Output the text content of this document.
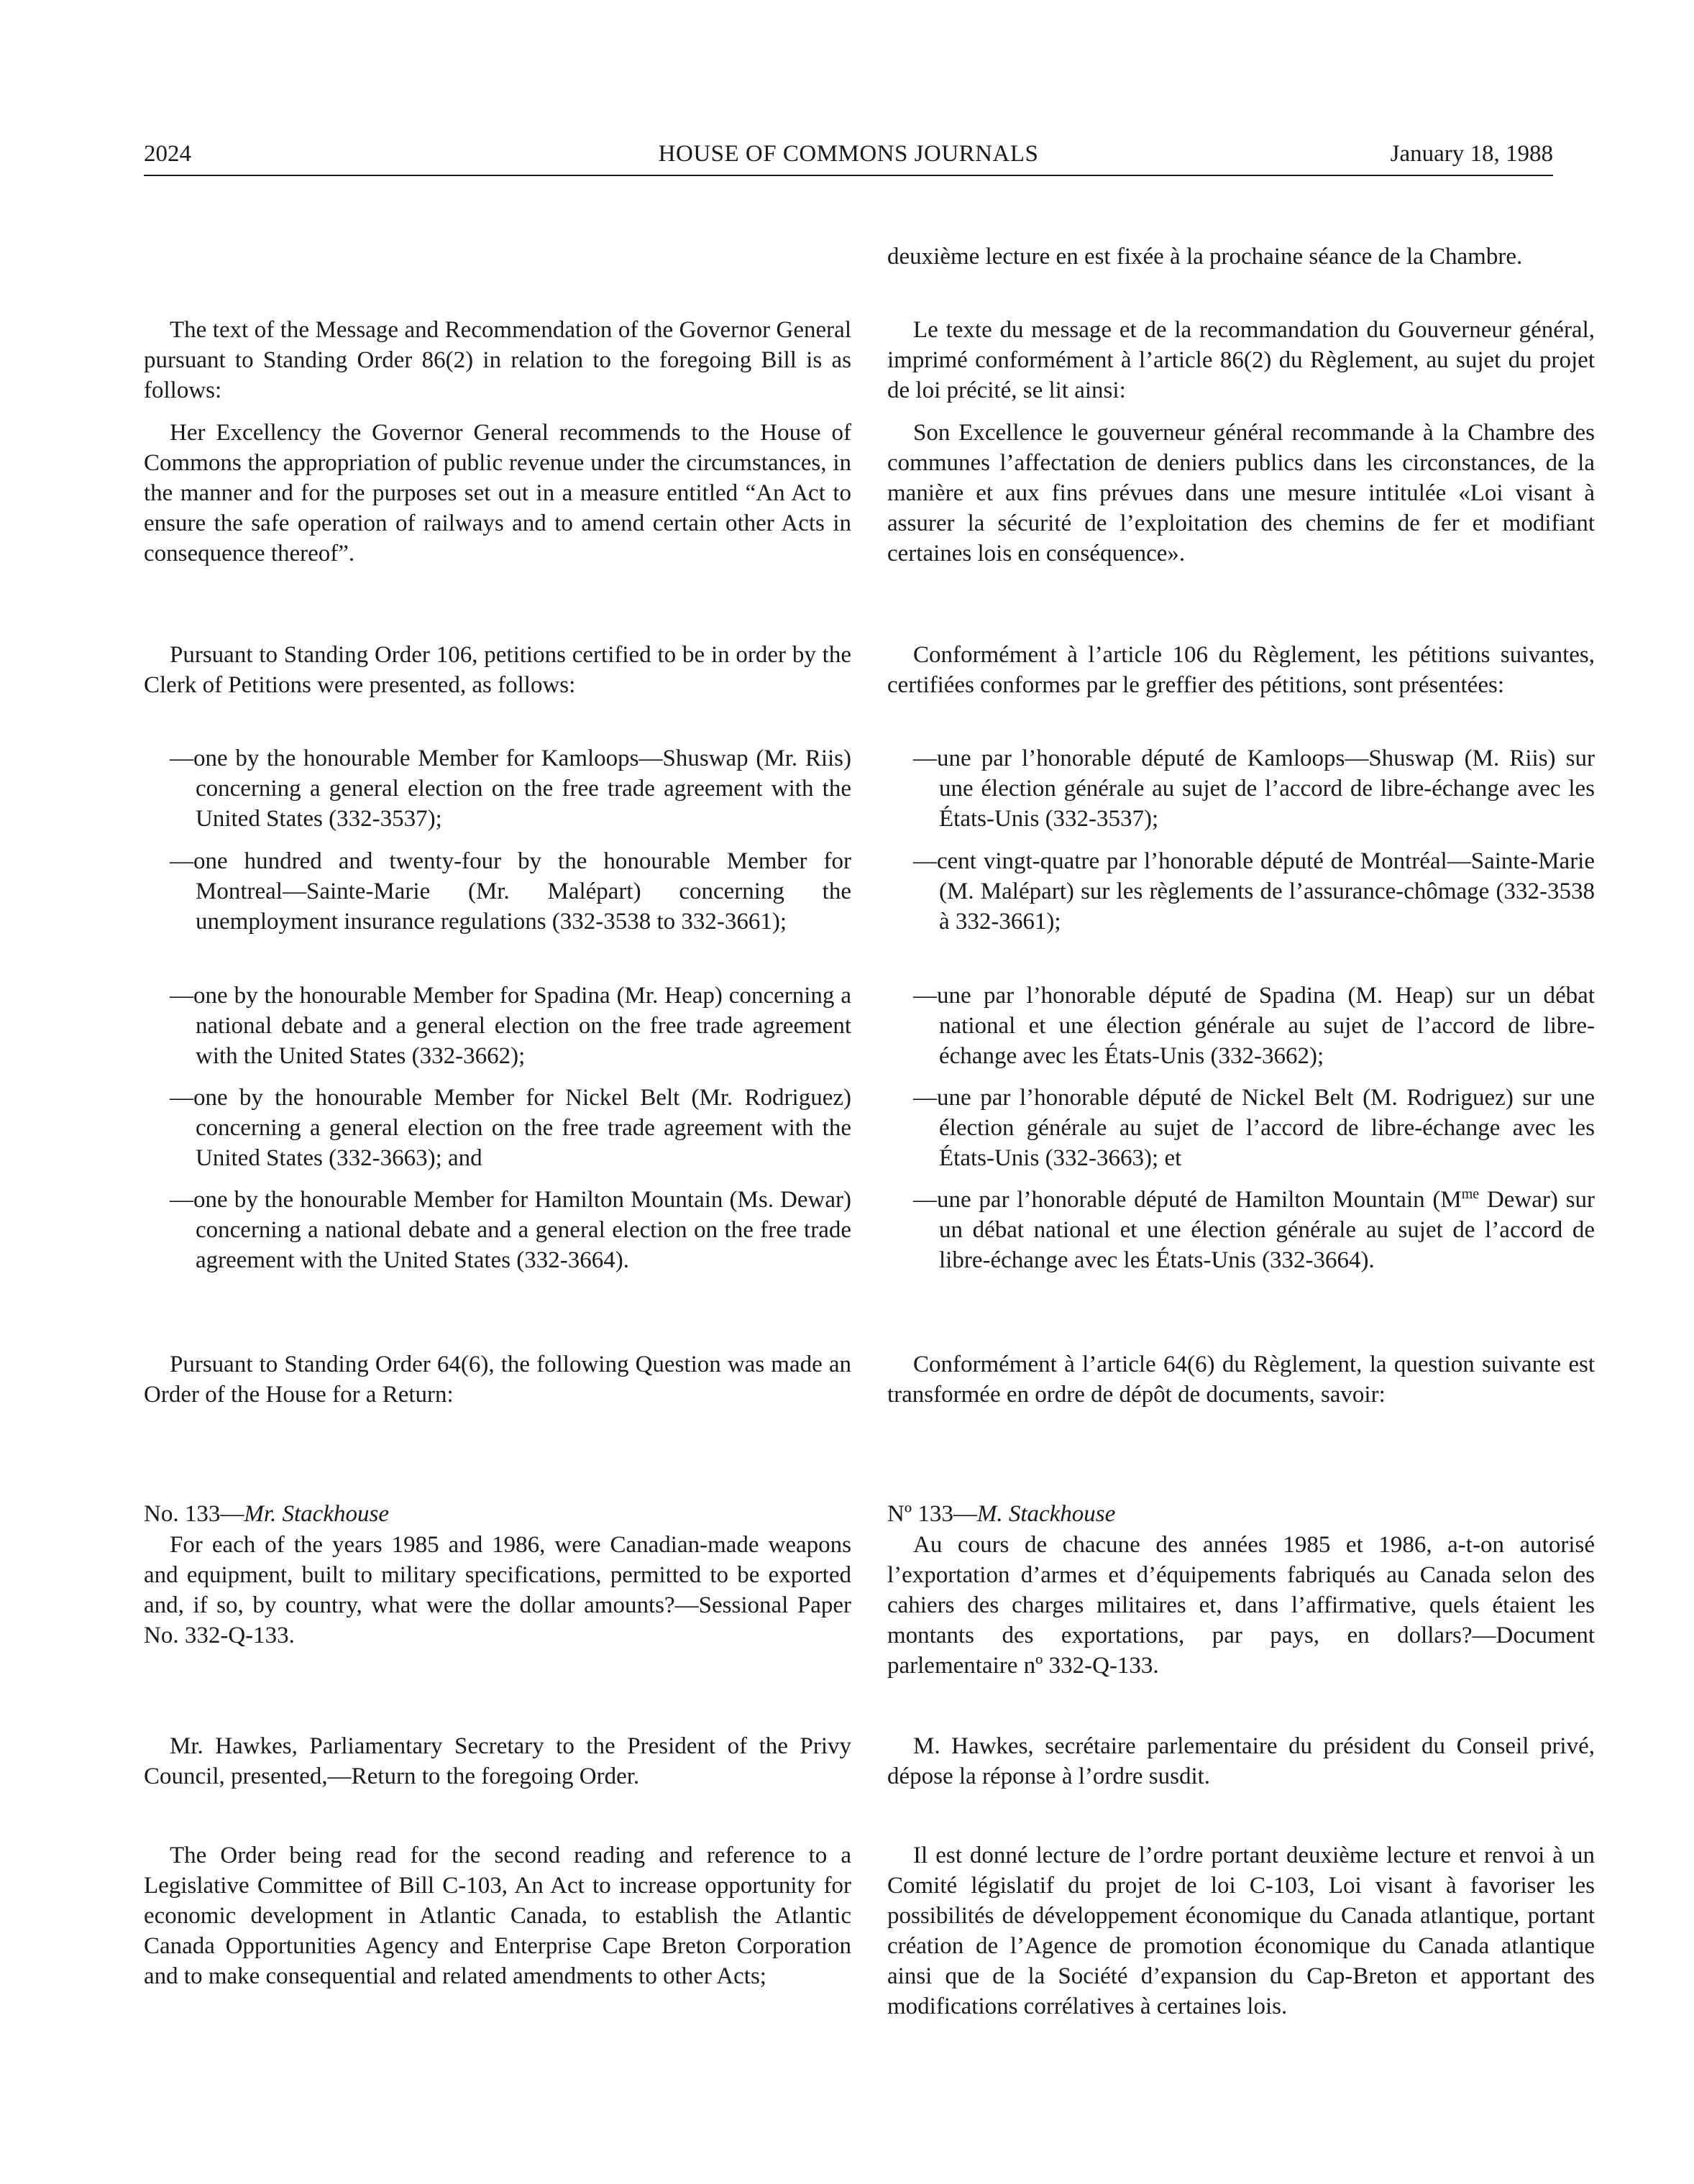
2024	HOUSE OF COMMONS JOURNALS	January 18, 1988

The text of the Message and Recommendation of the Governor General pursuant to Standing Order 86(2) in relation to the foregoing Bill is as follows:

Her Excellency the Governor General recommends to the House of Commons the appropriation of public revenue under the circumstances, in the manner and for the purposes set out in a measure entitled “An Act to ensure the safe operation of railways and to amend certain other Acts in consequence thereof”.

Pursuant to Standing Order 106, petitions certified to be in order by the Clerk of Petitions were presented, as follows:

—one by the honourable Member for Kamloops—Shuswap (Mr. Riis) concerning a general election on the free trade agreement with the United States (332-3537);

—one hundred and twenty-four by the honourable Member for Montreal—Sainte-Marie (Mr. Malépart) concerning the unemployment insurance regulations (332-3538 to 332-3661);

—one by the honourable Member for Spadina (Mr. Heap) concerning a national debate and a general election on the free trade agreement with the United States (332-3662);

—one by the honourable Member for Nickel Belt (Mr. Rodriguez) concerning a general election on the free trade agreement with the United States (332-3663); and

—one by the honourable Member for Hamilton Mountain (Ms. Dewar) concerning a national debate and a general election on the free trade agreement with the United States (332-3664).

Pursuant to Standing Order 64(6), the following Question was made an Order of the House for a Return:

No. 133—Mr. Stackhouse

For each of the years 1985 and 1986, were Canadian-made weapons and equipment, built to military specifications, permitted to be exported and, if so, by country, what were the dollar amounts?—Sessional Paper No. 332-Q-133.

Mr. Hawkes, Parliamentary Secretary to the President of the Privy Council, presented,—Return to the foregoing Order.

The Order being read for the second reading and reference to a Legislative Committee of Bill C-103, An Act to increase opportunity for economic development in Atlantic Canada, to establish the Atlantic Canada Opportunities Agency and Enterprise Cape Breton Corporation and to make consequential and related amendments to other Acts;

deuxième lecture en est fixée à la prochaine séance de la Chambre.

Le texte du message et de la recommandation du Gouverneur général, imprimé conformément à l’article 86(2) du Règlement, au sujet du projet de loi précité, se lit ainsi:

Son Excellence le gouverneur général recommande à la Chambre des communes l’affectation de deniers publics dans les circonstances, de la manière et aux fins prévues dans une mesure intitulée «Loi visant à assurer la sécurité de l’exploitation des chemins de fer et modifiant certaines lois en conséquence».

Conformément à l’article 106 du Règlement, les pétitions suivantes, certifiées conformes par le greffier des pétitions, sont présentées:

—une par l’honorable député de Kamloops—Shuswap (M. Riis) sur une élection générale au sujet de l’accord de libre-échange avec les États-Unis (332-3537);

—cent vingt-quatre par l’honorable député de Montréal—Sainte-Marie (M. Malépart) sur les règlements de l’assurance-chômage (332-3538 à 332-3661);

—une par l’honorable député de Spadina (M. Heap) sur un débat national et une élection générale au sujet de l’accord de libre-échange avec les États-Unis (332-3662);

—une par l’honorable député de Nickel Belt (M. Rodriguez) sur une élection générale au sujet de l’accord de libre-échange avec les États-Unis (332-3663); et

—une par l’honorable député de Hamilton Mountain ($M^{me}$ Dewar) sur un débat national et une élection générale au sujet de l’accord de libre-échange avec les États-Unis (332-3664).

Conformément à l’article 64(6) du Règlement, la question suivante est transformée en ordre de dépôt de documents, savoir:

Nº 133—M. Stackhouse

Au cours de chacune des années 1985 et 1986, a-t-on autorisé l’exportation d’armes et d’équipements fabriqués au Canada selon des cahiers des charges militaires et, dans l’affirmative, quels étaient les montants des exportations, par pays, en dollars?—Document parlementaire nº 332-Q-133.

M. Hawkes, secrétaire parlementaire du président du Conseil privé, dépose la réponse à l’ordre susdit.

Il est donné lecture de l’ordre portant deuxième lecture et renvoi à un Comité législatif du projet de loi C-103, Loi visant à favoriser les possibilités de développement économique du Canada atlantique, portant création de l’Agence de promotion économique du Canada atlantique ainsi que de la Société d’expansion du Cap-Breton et apportant des modifications corrélatives à certaines lois.
